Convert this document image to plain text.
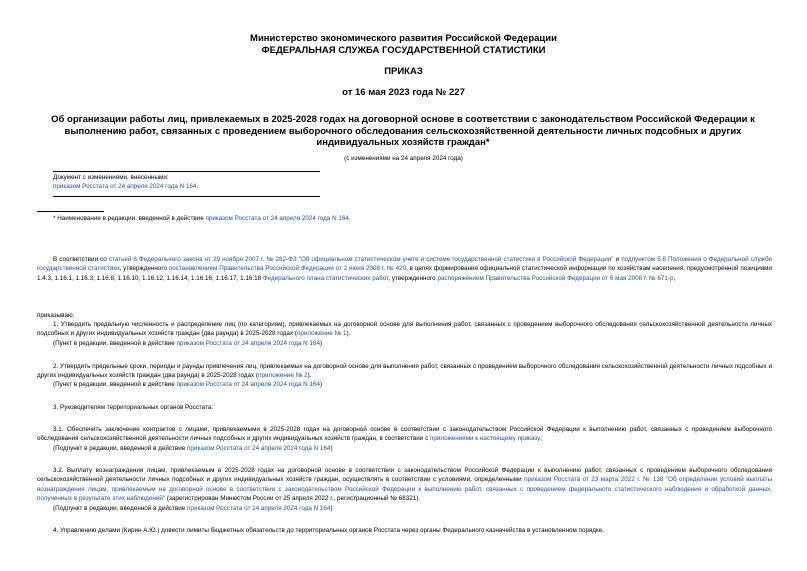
Министерство экономического развития Российской Федерации
ФЕДЕРАЛЬНАЯ СЛУЖБА ГОСУДАРСТВЕННОЙ СТАТИСТИКИ
ПРИКАЗ
от 16 мая 2023 года № 227
Об организации работы лиц, привлекаемых в 2025-2028 годах на договорной основе в соответствии с законодательством Российской Федерации к выполнению работ, связанных с проведением выборочного обследования сельскохозяйственной деятельности личных подсобных и других индивидуальных хозяйств граждан*
(с изменениями на 24 апреля 2024 года)
Документ с изменениями, внесенными:
приказом Росстата от 24 апреля 2024 года N 164.
* Наименование в редакции, введенной в действие приказом Росстата от 24 апреля 2024 года N 164.
В соответствии со статьей 6 Федерального закона от 29 ноября 2007 г. № 282-ФЗ "Об официальном статистическом учете и системе государственной статистики в Российской Федерации" и подпунктом 5.8 Положения о Федеральной службе государственной статистики, утвержденного постановлением Правительства Российской Федерации от 2 июня 2008 г. № 420, в целях формирования официальной статистической информации по хозяйствам населения, предусмотренной позициями 1.4.3, 1.16.1, 1.16.3, 1.16.8, 1.16.10, 1.16.12, 1.16.14, 1.16.16, 1.16.17, 1.16.18 Федерального плана статистических работ, утвержденного распоряжением Правительства Российской Федерации от 6 мая 2008 г. № 671-р,
приказываю:
1. Утвердить предельную численность и распределение лиц (по категориям), привлекаемых на договорной основе для выполнения работ, связанных с проведением выборочного обследования сельскохозяйственной деятельности личных подсобных и других индивидуальных хозяйств граждан (два раунда) в 2025-2028 годах (приложение № 1).
(Пункт в редакции, введенной в действие приказом Росстата от 24 апреля 2024 года N 164)
2. Утвердить предельные сроки, периоды и раунды привлечения лиц, привлекаемых на договорной основе для выполнения работ, связанных с проведением выборочного обследования сельскохозяйственной деятельности личных подсобных и других индивидуальных хозяйств граждан (два раунда) в 2025-2028 годах (приложение № 2).
(Пункт в редакции, введенной в действие приказом Росстата от 24 апреля 2024 года N 164)
3. Руководителям территориальных органов Росстата:
3.1. Обеспечить заключение контрактов с лицами, привлекаемыми в 2025-2028 годах на договорной основе в соответствии с законодательством Российской Федерации к выполнению работ, связанных с проведением выборочного обследования сельскохозяйственной деятельности личных подсобных и других индивидуальных хозяйств граждан, в соответствии с приложениями к настоящему приказу;
(Подпункт в редакции, введенной в действие приказом Росстата от 24 апреля 2024 года N 164)
3.2. Выплату вознаграждения лицам, привлекаемым в 2025-2028 годах на договорной основе в соответствии с законодательством Российской Федерации к выполнению работ, связанных с проведением выборочного обследования сельскохозяйственной деятельности личных подсобных и других индивидуальных хозяйств граждан, осуществлять в соответствии с условиями, определенными приказом Росстата от 23 марта 2022 г. № 138 "Об определении условий выплаты вознаграждения лицам, привлекаемым на договорной основе в соответствии с законодательством Российской Федерации к выполнению работ, связанных с проведением федерального статистического наблюдения и обработкой данных, полученных в результате этих наблюдений" (зарегистрирован Минюстом России от 25 апреля 2022 г., регистрационный № 68321).
(Подпункт в редакции, введенной в действие приказом Росстата от 24 апреля 2024 года N 164)
4. Управлению делами (Кирин А.Ю.) довести лимиты бюджетных обязательств до территориальных органов Росстата через органы Федерального казначейства в установленном порядке.
